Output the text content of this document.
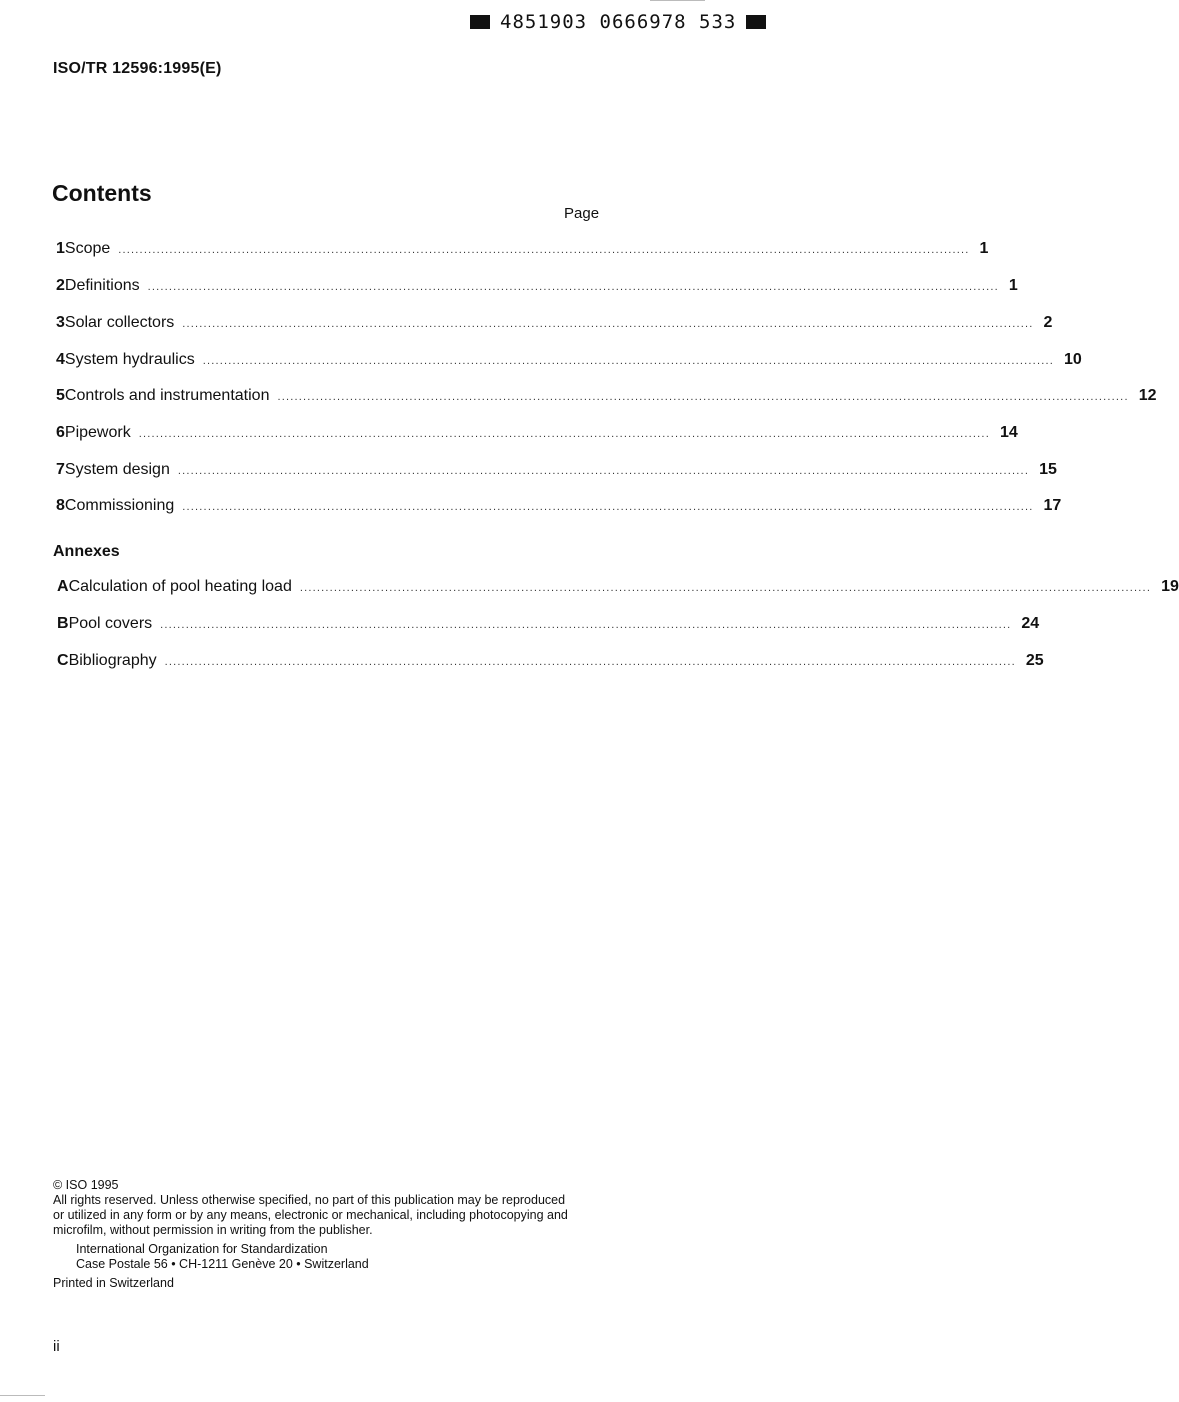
4851903 0666978 533
ISO/TR 12596:1995(E)
Contents
Page
1 Scope ........................................................................................................................................................................................................ 1
2 Definitions ........................................................................................................................................................................................................ 1
3 Solar collectors ........................................................................................................................................................................................................ 2
4 System hydraulics ........................................................................................................................................................................................................ 10
5 Controls and instrumentation ........................................................................................................................................................................................................ 12
6 Pipework ........................................................................................................................................................................................................ 14
7 System design ........................................................................................................................................................................................................ 15
8 Commissioning ........................................................................................................................................................................................................ 17
A Calculation of pool heating load ........................................................................................................................................................................................................ 19
B Pool covers ........................................................................................................................................................................................................ 24
C Bibliography ........................................................................................................................................................................................................ 25
Annexes

© ISO 1995

All rights reserved. Unless otherwise specified, no part of this publication may be reproduced

or utilized in any form or by any means, electronic or mechanical, including photocopying and

microfilm, without permission in writing from the publisher.

International Organization for Standardization

Case Postale 56 • CH-1211 Genève 20 • Switzerland

Printed in Switzerland

ii
